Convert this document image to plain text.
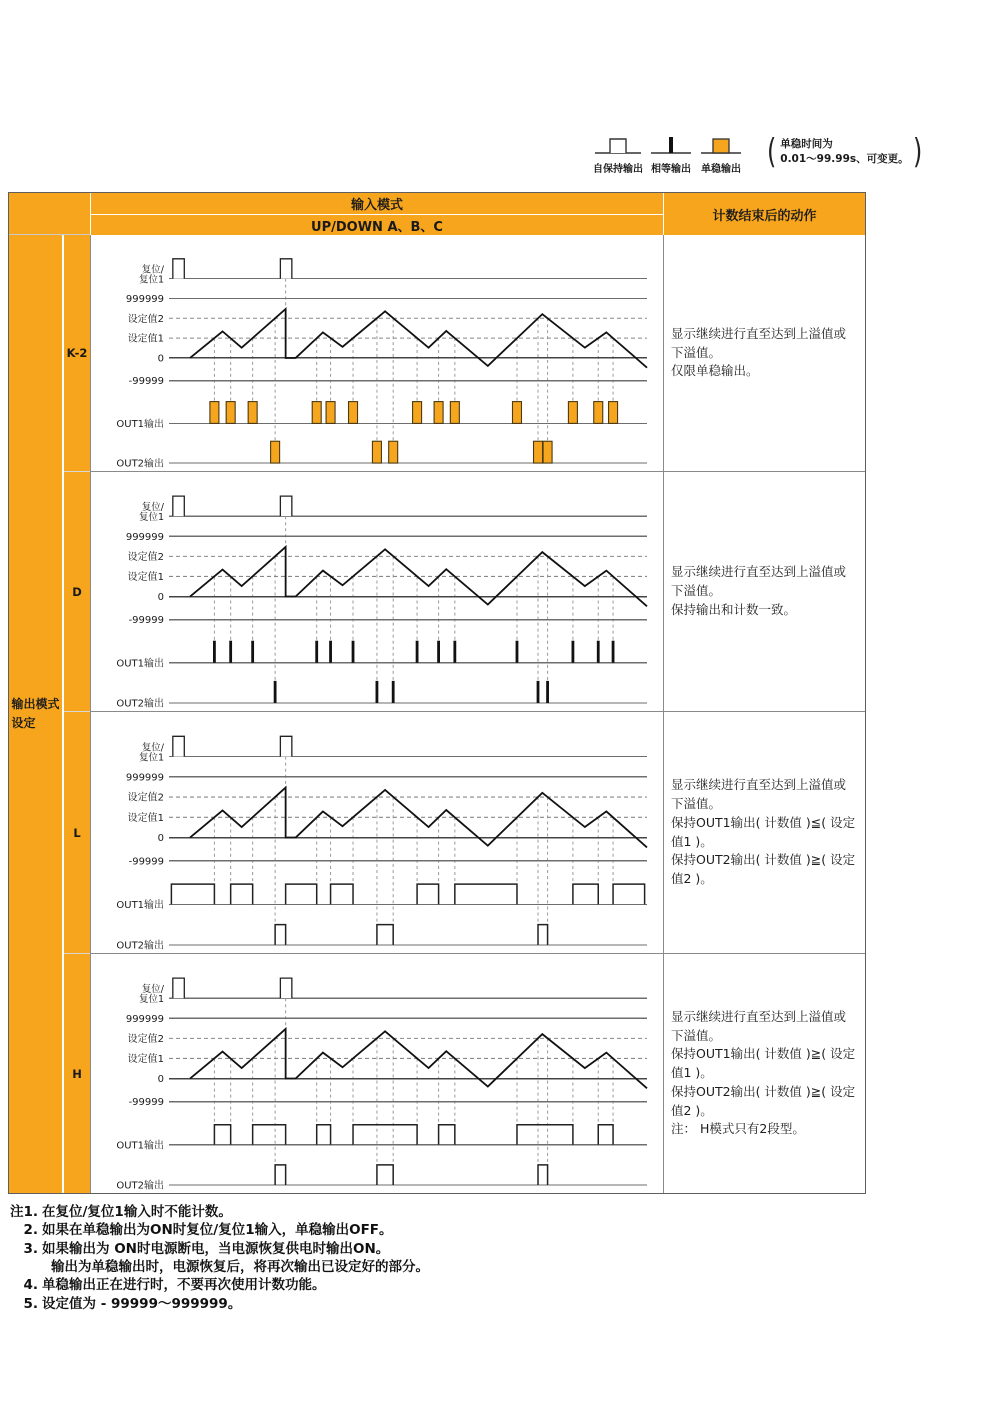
自保持输出 相等输出 单稳输出 ( 单稳时间为
0.01～99.99s、可变更。 )
输入模式
UP/DOWN A、B、C
计数结束后的动作
输出模式
设定
K-2
复位/
复位1
999999
设定值2
设定值1
0
-99999
OUT1输出
OUT2输出

显示继续进行直至达到上溢值或下溢值。

仅限单稳输出。

D
复位/
复位1
999999
设定值2
设定值1
0
-99999
OUT1输出
OUT2输出

显示继续进行直至达到上溢值或下溢值。

保持输出和计数一致。

L
复位/
复位1
999999
设定值2
设定值1
0
-99999
OUT1输出
OUT2输出

显示继续进行直至达到上溢值或下溢值。

保持OUT1输出( 计数值 )≦( 设定值1 )。

保持OUT2输出( 计数值 )≧( 设定值2 )。

H
复位/
复位1
999999
设定值2
设定值1
0
-99999
OUT1输出
OUT2输出

显示继续进行直至达到上溢值或下溢值。

保持OUT1输出( 计数值 )≧( 设定值1 )。

保持OUT2输出( 计数值 )≧( 设定值2 )。

注： H模式只有2段型。

注1. 在复位/复位1输入时不能计数。
2. 如果在单稳输出为ON时复位/复位1输入，单稳输出OFF。
3. 如果输出为 ON时电源断电，当电源恢复供电时输出ON。
输出为单稳输出时，电源恢复后，将再次输出已设定好的部分。
4. 单稳输出正在进行时，不要再次使用计数功能。
5. 设定值为 - 99999～999999。
